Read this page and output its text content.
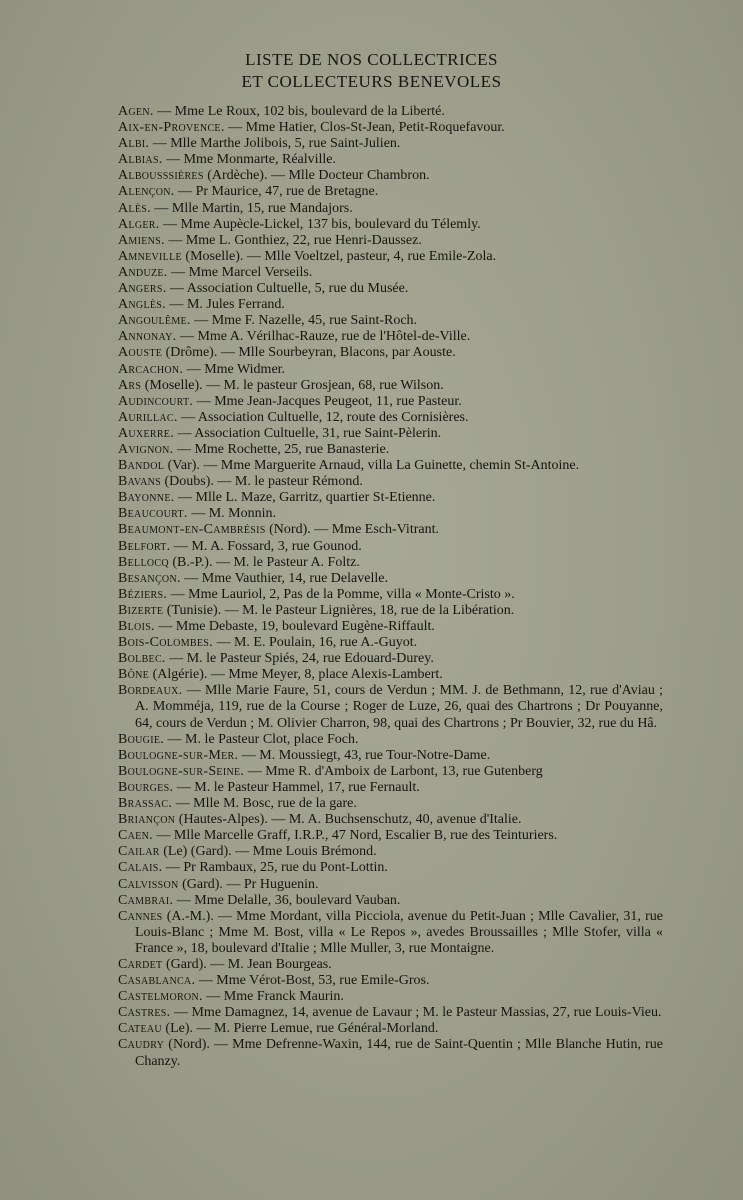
LISTE DE NOS COLLECTRICES
ET COLLECTEURS BENEVOLES
Agen. — Mme Le Roux, 102 bis, boulevard de la Liberté.
Aix-en-Provence. — Mme Hatier, Clos-St-Jean, Petit-Roquefavour.
Albi. — Mlle Marthe Jolibois, 5, rue Saint-Julien.
Albias. — Mme Monmarte, Réalville.
Albousssières (Ardèche). — Mlle Docteur Chambron.
Alençon. — Pr Maurice, 47, rue de Bretagne.
Alès. — Mlle Martin, 15, rue Mandajors.
Alger. — Mme Aupècle-Lickel, 137 bis, boulevard du Télemly.
Amiens. — Mme L. Gonthiez, 22, rue Henri-Daussez.
Amneville (Moselle). — Mlle Voeltzel, pasteur, 4, rue Emile-Zola.
Anduze. — Mme Marcel Verseils.
Angers. — Association Cultuelle, 5, rue du Musée.
Anglès. — M. Jules Ferrand.
Angoulême. — Mme F. Nazelle, 45, rue Saint-Roch.
Annonay. — Mme A. Vérilhac-Rauze, rue de l'Hôtel-de-Ville.
Aouste (Drôme). — Mlle Sourbeyran, Blacons, par Aouste.
Arcachon. — Mme Widmer.
Ars (Moselle). — M. le pasteur Grosjean, 68, rue Wilson.
Audincourt. — Mme Jean-Jacques Peugeot, 11, rue Pasteur.
Aurillac. — Association Cultuelle, 12, route des Cornisières.
Auxerre. — Association Cultuelle, 31, rue Saint-Pèlerin.
Avignon. — Mme Rochette, 25, rue Banasterie.
Bandol (Var). — Mme Marguerite Arnaud, villa La Guinette, chemin St-Antoine.
Bavans (Doubs). — M. le pasteur Rémond.
Bayonne. — Mlle L. Maze, Garritz, quartier St-Etienne.
Beaucourt. — M. Monnin.
Beaumont-en-Cambrésis (Nord). — Mme Esch-Vitrant.
Belfort. — M. A. Fossard, 3, rue Gounod.
Bellocq (B.-P.). — M. le Pasteur A. Foltz.
Besançon. — Mme Vauthier, 14, rue Delavelle.
Béziers. — Mme Lauriol, 2, Pas de la Pomme, villa « Monte-Cristo ».
Bizerte (Tunisie). — M. le Pasteur Lignières, 18, rue de la Libération.
Blois. — Mme Debaste, 19, boulevard Eugène-Riffault.
Bois-Colombes. — M. E. Poulain, 16, rue A.-Guyot.
Bolbec. — M. le Pasteur Spiés, 24, rue Edouard-Durey.
Bône (Algérie). — Mme Meyer, 8, place Alexis-Lambert.
Bordeaux. — Mlle Marie Faure, 51, cours de Verdun ; MM. J. de Bethmann, 12, rue d'Aviau ; A. Momméja, 119, rue de la Course ; Roger de Luze, 26, quai des Chartrons ; Dr Pouyanne, 64, cours de Verdun ; M. Olivier Charron, 98, quai des Chartrons ; Pr Bouvier, 32, rue du Hâ.
Bougie. — M. le Pasteur Clot, place Foch.
Boulogne-sur-Mer. — M. Moussiegt, 43, rue Tour-Notre-Dame.
Boulogne-sur-Seine. — Mme R. d'Amboix de Larbont, 13, rue Gutenberg
Bourges. — M. le Pasteur Hammel, 17, rue Fernault.
Brassac. — Mlle M. Bosc, rue de la gare.
Briançon (Hautes-Alpes). — M. A. Buchsenschutz, 40, avenue d'Italie.
Caen. — Mlle Marcelle Graff, I.R.P., 47 Nord, Escalier B, rue des Teinturiers.
Cailar (Le) (Gard). — Mme Louis Brémond.
Calais. — Pr Rambaux, 25, rue du Pont-Lottin.
Calvisson (Gard). — Pr Huguenin.
Cambrai. — Mme Delalle, 36, boulevard Vauban.
Cannes (A.-M.). — Mme Mordant, villa Picciola, avenue du Petit-Juan ; Mlle Cavalier, 31, rue Louis-Blanc ; Mme M. Bost, villa « Le Repos », avedes Broussailles ; Mlle Stofer, villa « France », 18, boulevard d'Italie ; Mlle Muller, 3, rue Montaigne.
Cardet (Gard). — M. Jean Bourgeas.
Casablanca. — Mme Vérot-Bost, 53, rue Emile-Gros.
Castelmoron. — Mme Franck Maurin.
Castres. — Mme Damagnez, 14, avenue de Lavaur ; M. le Pasteur Massias, 27, rue Louis-Vieu.
Cateau (Le). — M. Pierre Lemue, rue Général-Morland.
Caudry (Nord). — Mme Defrenne-Waxin, 144, rue de Saint-Quentin ; Mlle Blanche Hutin, rue Chanzy.
